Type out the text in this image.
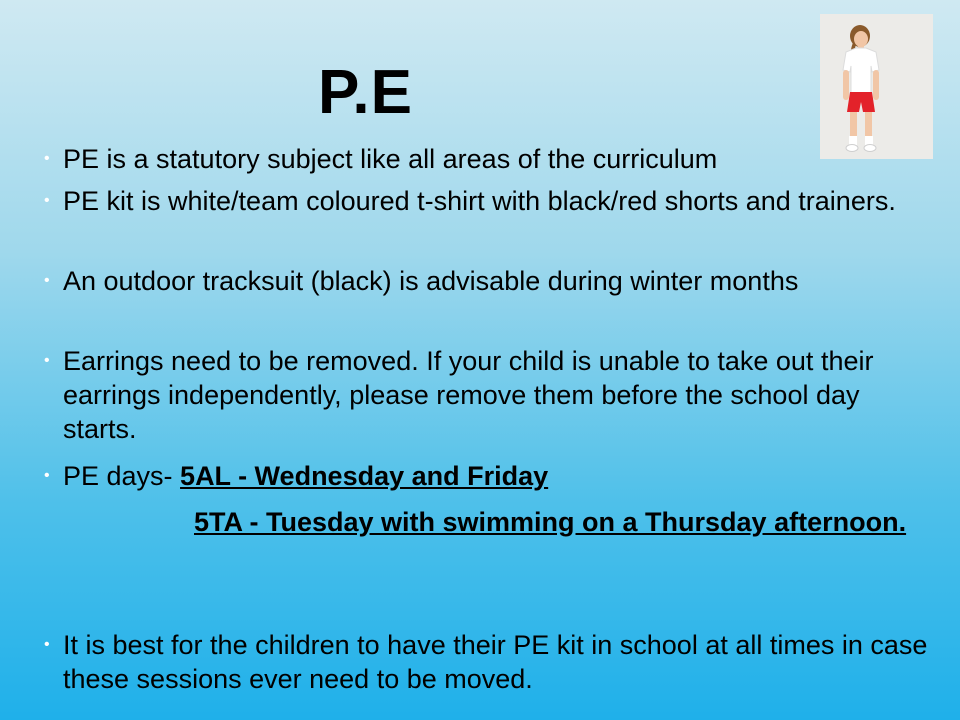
P.E
• PE is a statutory subject like all areas of the curriculum
• PE kit is white/team coloured t-shirt with black/red shorts and trainers.
• An outdoor tracksuit (black) is advisable during winter months
• Earrings need to be removed. If your child is unable to take out their earrings independently, please remove them before the school day starts.
• PE days- 5AL - Wednesday and Friday
5TA - Tuesday with swimming on a Thursday afternoon.
• It is best for the children to have their PE kit in school at all times in case these sessions ever need to be moved.
